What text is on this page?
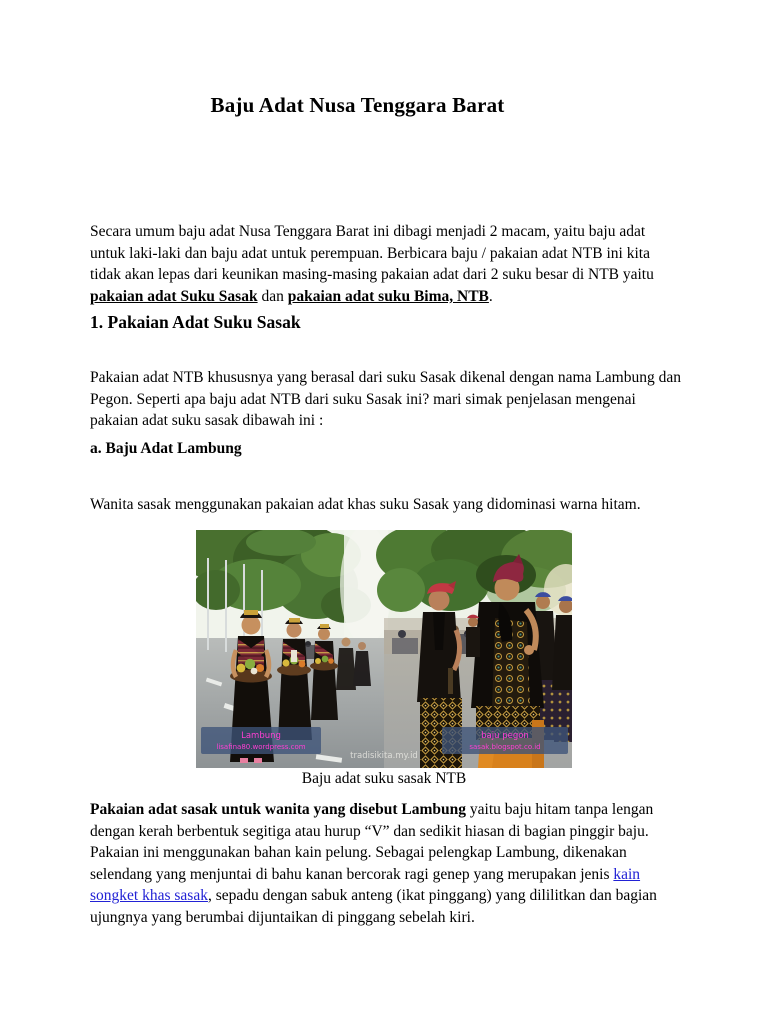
Baju Adat Nusa Tenggara Barat
Secara umum baju adat Nusa Tenggara Barat ini dibagi menjadi 2 macam, yaitu baju adat untuk laki-laki dan baju adat untuk perempuan. Berbicara baju / pakaian adat NTB ini kita tidak akan lepas dari keunikan masing-masing pakaian adat dari 2 suku besar di NTB yaitu pakaian adat Suku Sasak dan pakaian adat suku Bima, NTB.
1. Pakaian Adat Suku Sasak
Pakaian adat NTB khususnya yang berasal dari suku Sasak dikenal dengan nama Lambung dan Pegon. Seperti apa baju adat NTB dari suku Sasak ini? mari simak penjelasan mengenai pakaian adat suku sasak dibawah ini :
a. Baju Adat Lambung
Wanita sasak menggunakan pakaian adat khas suku Sasak yang didominasi warna hitam.
Lambung
lisafina80.wordpress.com
baju pegon
sasak.blogspot.co.id
tradisikita.my.id
Baju adat suku sasak NTB
Pakaian adat sasak untuk wanita yang disebut Lambung yaitu baju hitam tanpa lengan dengan kerah berbentuk segitiga atau hurup “V” dan sedikit hiasan di bagian pinggir baju. Pakaian ini menggunakan bahan kain pelung. Sebagai pelengkap Lambung, dikenakan selendang yang menjuntai di bahu kanan bercorak ragi genep yang merupakan jenis kain songket khas sasak, sepadu dengan sabuk anteng (ikat pinggang) yang dililitkan dan bagian ujungnya yang berumbai dijuntaikan di pinggang sebelah kiri.
